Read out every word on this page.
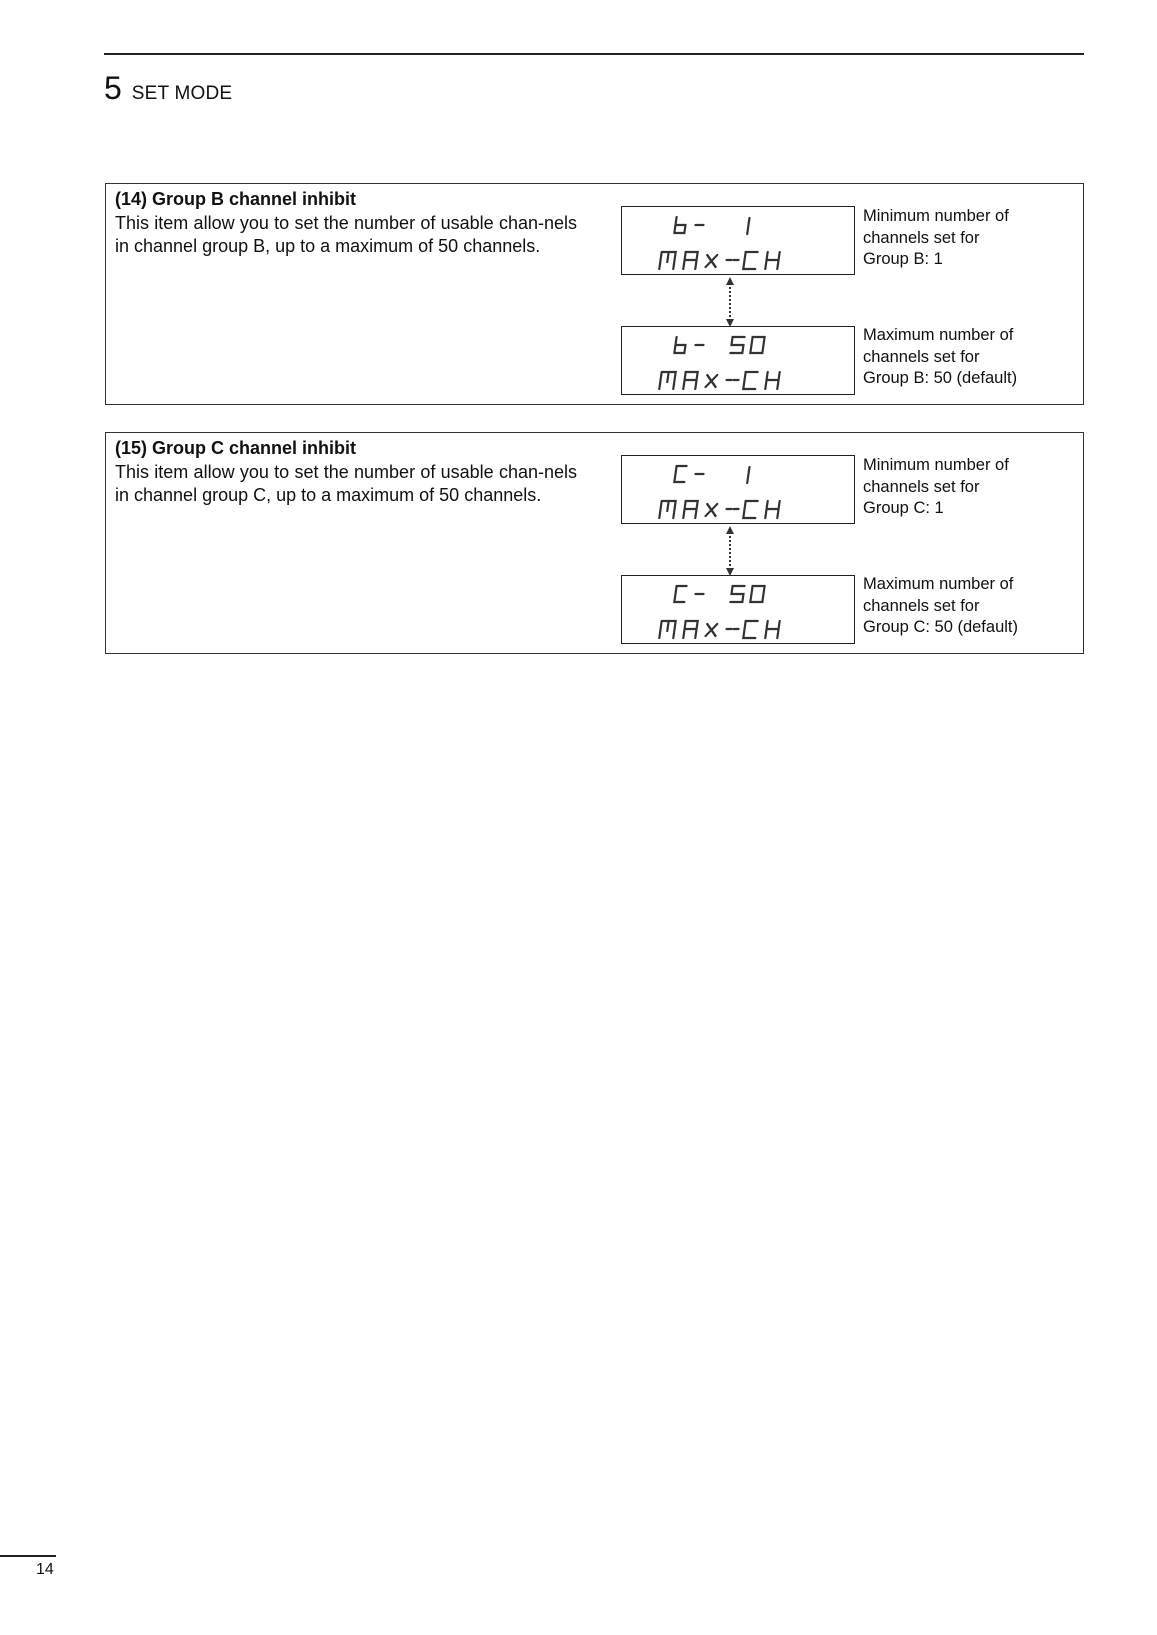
5 SET MODE
(14) Group B channel inhibit
This item allow you to set the number of usable chan-nels in channel group B, up to a maximum of 50 channels.
Minimum number of
channels set for
Group B: 1
Maximum number of
channels set for
Group B: 50 (default)
(15) Group C channel inhibit
This item allow you to set the number of usable chan-nels in channel group C, up to a maximum of 50 channels.
Minimum number of
channels set for
Group C: 1
Maximum number of
channels set for
Group C: 50 (default)
14
